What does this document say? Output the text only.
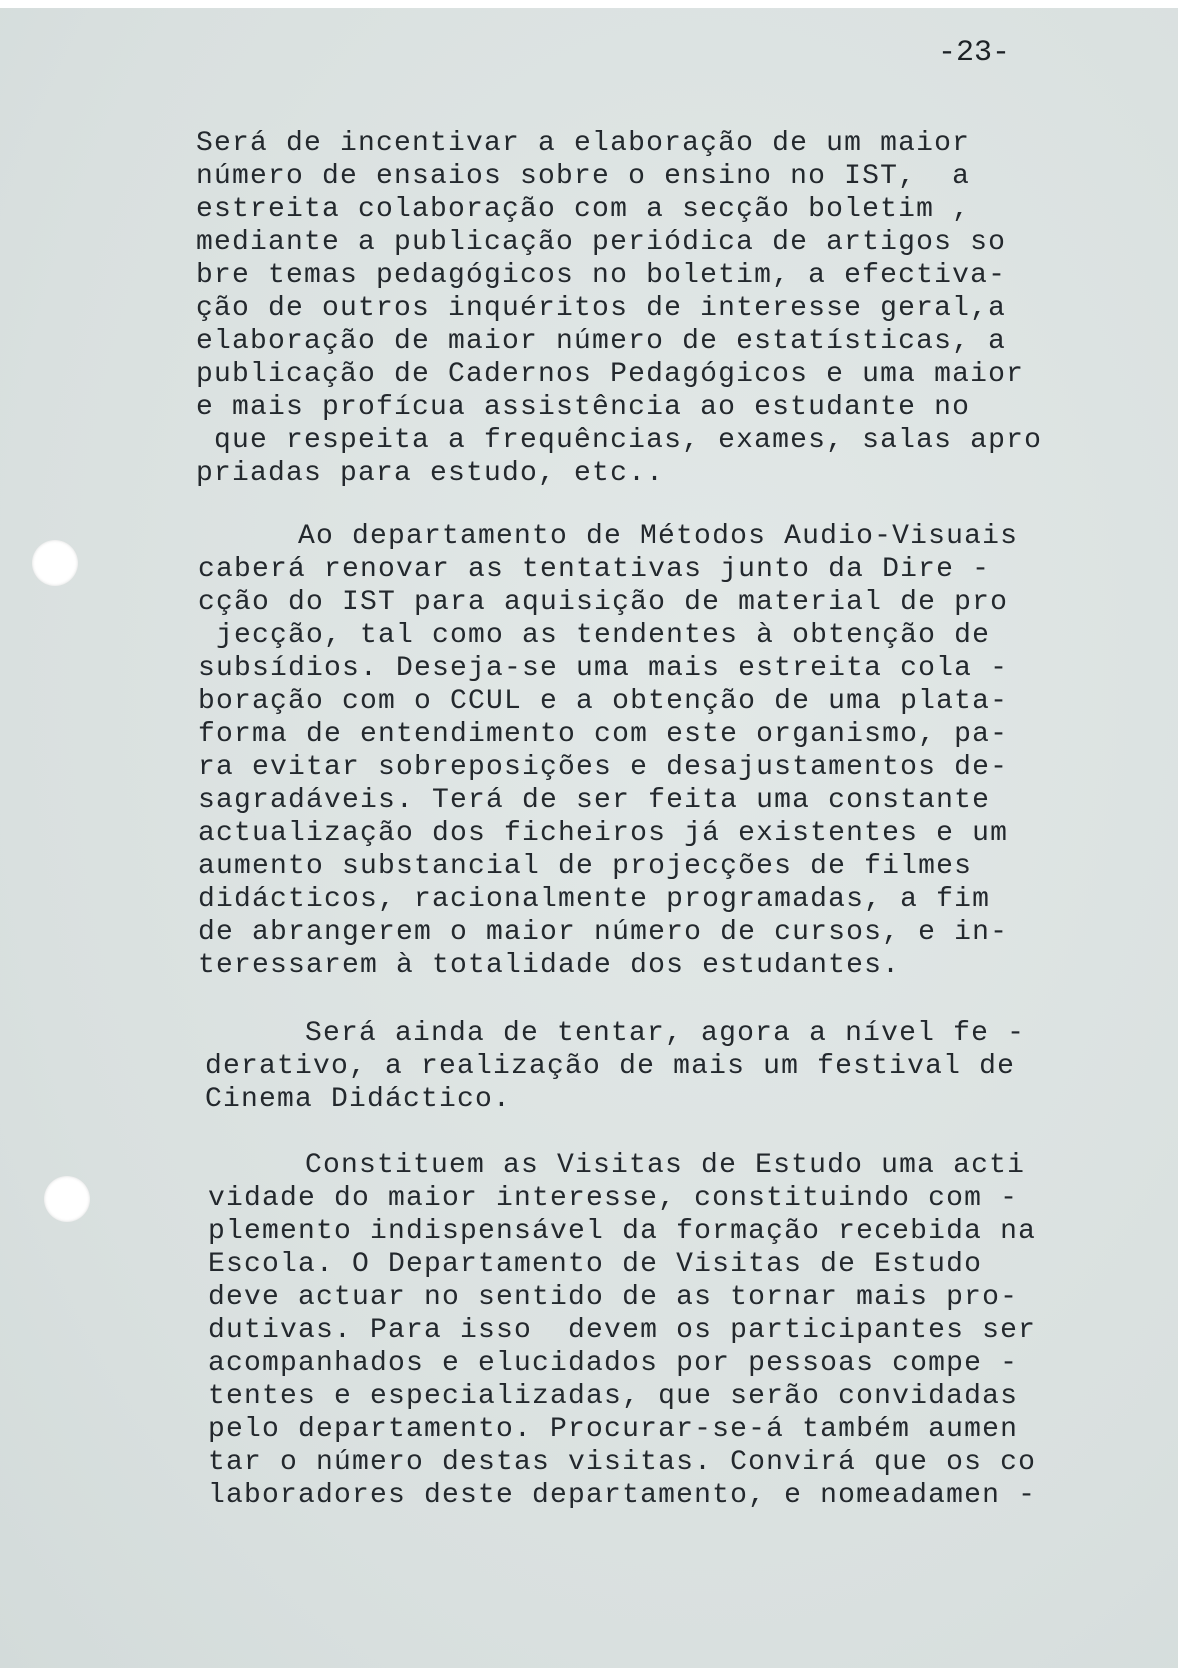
-23-
Será de incentivar a elaboração de um maior
número de ensaios sobre o ensino no IST,  a
estreita colaboração com a secção boletim ,
mediante a publicação periódica de artigos so
bre temas pedagógicos no boletim, a efectiva-
ção de outros inquéritos de interesse geral,a
elaboração de maior número de estatísticas, a
publicação de Cadernos Pedagógicos e uma maior
e mais profícua assistência ao estudante no
que respeita a frequências, exames, salas apro
priadas para estudo, etc..
Ao departamento de Métodos Audio-Visuais
caberá renovar as tentativas junto da Dire -
cção do IST para aquisição de material de pro
jecção, tal como as tendentes à obtenção de
subsídios. Deseja-se uma mais estreita cola -
boração com o CCUL e a obtenção de uma plata-
forma de entendimento com este organismo, pa-
ra evitar sobreposições e desajustamentos de-
sagradáveis. Terá de ser feita uma constante
actualização dos ficheiros já existentes e um
aumento substancial de projecções de filmes
didácticos, racionalmente programadas, a fim
de abrangerem o maior número de cursos, e in-
teressarem à totalidade dos estudantes.
Será ainda de tentar, agora a nível fe -
derativo, a realização de mais um festival de
Cinema Didáctico.
Constituem as Visitas de Estudo uma acti
vidade do maior interesse, constituindo com -
plemento indispensável da formação recebida na
Escola. O Departamento de Visitas de Estudo
deve actuar no sentido de as tornar mais pro-
dutivas. Para isso  devem os participantes ser
acompanhados e elucidados por pessoas compe -
tentes e especializadas, que serão convidadas
pelo departamento. Procurar-se-á também aumen
tar o número destas visitas. Convirá que os co
laboradores deste departamento, e nomeadamen -
